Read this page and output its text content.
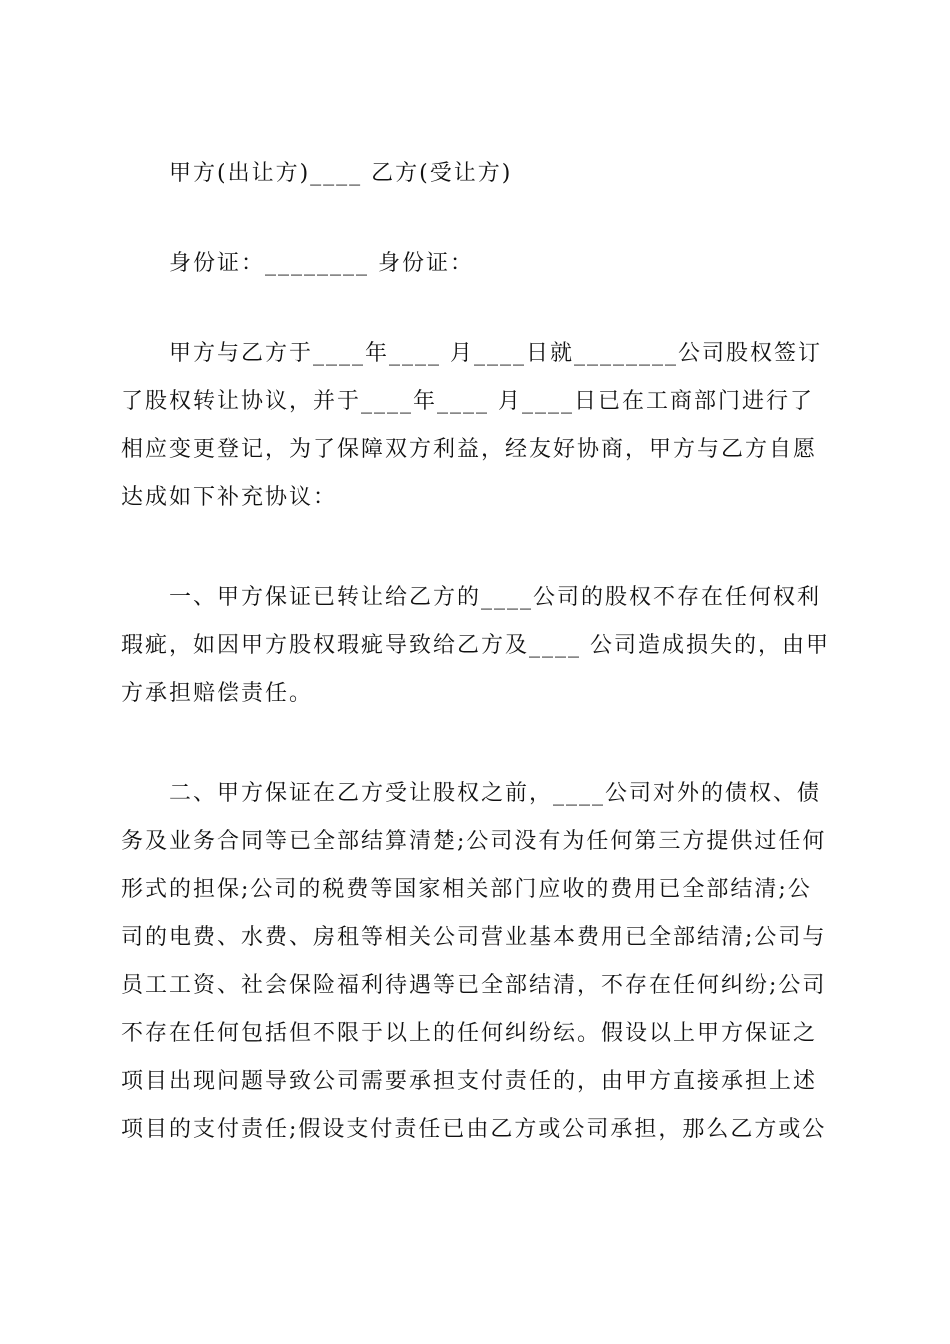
甲方(出让方)____ 乙方(受让方)

身份证：________ 身份证：

甲方与乙方于____年____ 月____日就________公司股权签订了股权转让协议，并于____年____ 月____日已在工商部门进行了相应变更登记，为了保障双方利益，经友好协商，甲方与乙方自愿达成如下补充协议：

一、甲方保证已转让给乙方的____公司的股权不存在任何权利瑕疵，如因甲方股权瑕疵导致给乙方及____ 公司造成损失的，由甲方承担赔偿责任。

二、甲方保证在乙方受让股权之前，____公司对外的债权、债务及业务合同等已全部结算清楚;公司没有为任何第三方提供过任何形式的担保;公司的税费等国家相关部门应收的费用已全部结清;公司的电费、水费、房租等相关公司营业基本费用已全部结清;公司与员工工资、社会保险福利待遇等已全部结清，不存在任何纠纷;公司不存在任何包括但不限于以上的任何纠纷纭。假设以上甲方保证之项目出现问题导致公司需要承担支付责任的，由甲方直接承担上述项目的支付责任;假设支付责任已由乙方或公司承担，那么乙方或公
